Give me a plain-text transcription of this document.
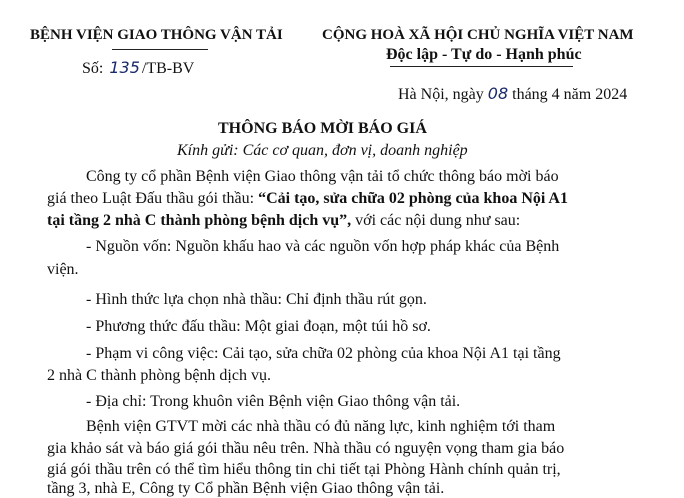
BỆNH VIỆN GIAO THÔNG VẬN TẢI
Số: 135 /TB-BV
CỘNG HOÀ XÃ HỘI CHỦ NGHĨA VIỆT NAM
Độc lập - Tự do - Hạnh phúc
Hà Nội, ngày 08 tháng 4 năm 2024
THÔNG BÁO MỜI BÁO GIÁ
Kính gửi: Các cơ quan, đơn vị, doanh nghiệp
Công ty cổ phần Bệnh viện Giao thông vận tải tổ chức thông báo mời báo
giá theo Luật Đấu thầu gói thầu: “Cải tạo, sửa chữa 02 phòng của khoa Nội A1
tại tầng 2 nhà C thành phòng bệnh dịch vụ”, với các nội dung như sau:
- Nguồn vốn: Nguồn khấu hao và các nguồn vốn hợp pháp khác của Bệnh
viện.
- Hình thức lựa chọn nhà thầu: Chỉ định thầu rút gọn.
- Phương thức đấu thầu: Một giai đoạn, một túi hồ sơ.
- Phạm vi công việc: Cải tạo, sửa chữa 02 phòng của khoa Nội A1 tại tầng
2 nhà C thành phòng bệnh dịch vụ.
- Địa chỉ: Trong khuôn viên Bệnh viện Giao thông vận tải.
Bệnh viện GTVT mời các nhà thầu có đủ năng lực, kinh nghiệm tới tham
gia khảo sát và báo giá gói thầu nêu trên. Nhà thầu có nguyện vọng tham gia báo
giá gói thầu trên có thể tìm hiểu thông tin chi tiết tại Phòng Hành chính quản trị,
tầng 3, nhà E, Công ty Cổ phần Bệnh viện Giao thông vận tải.
